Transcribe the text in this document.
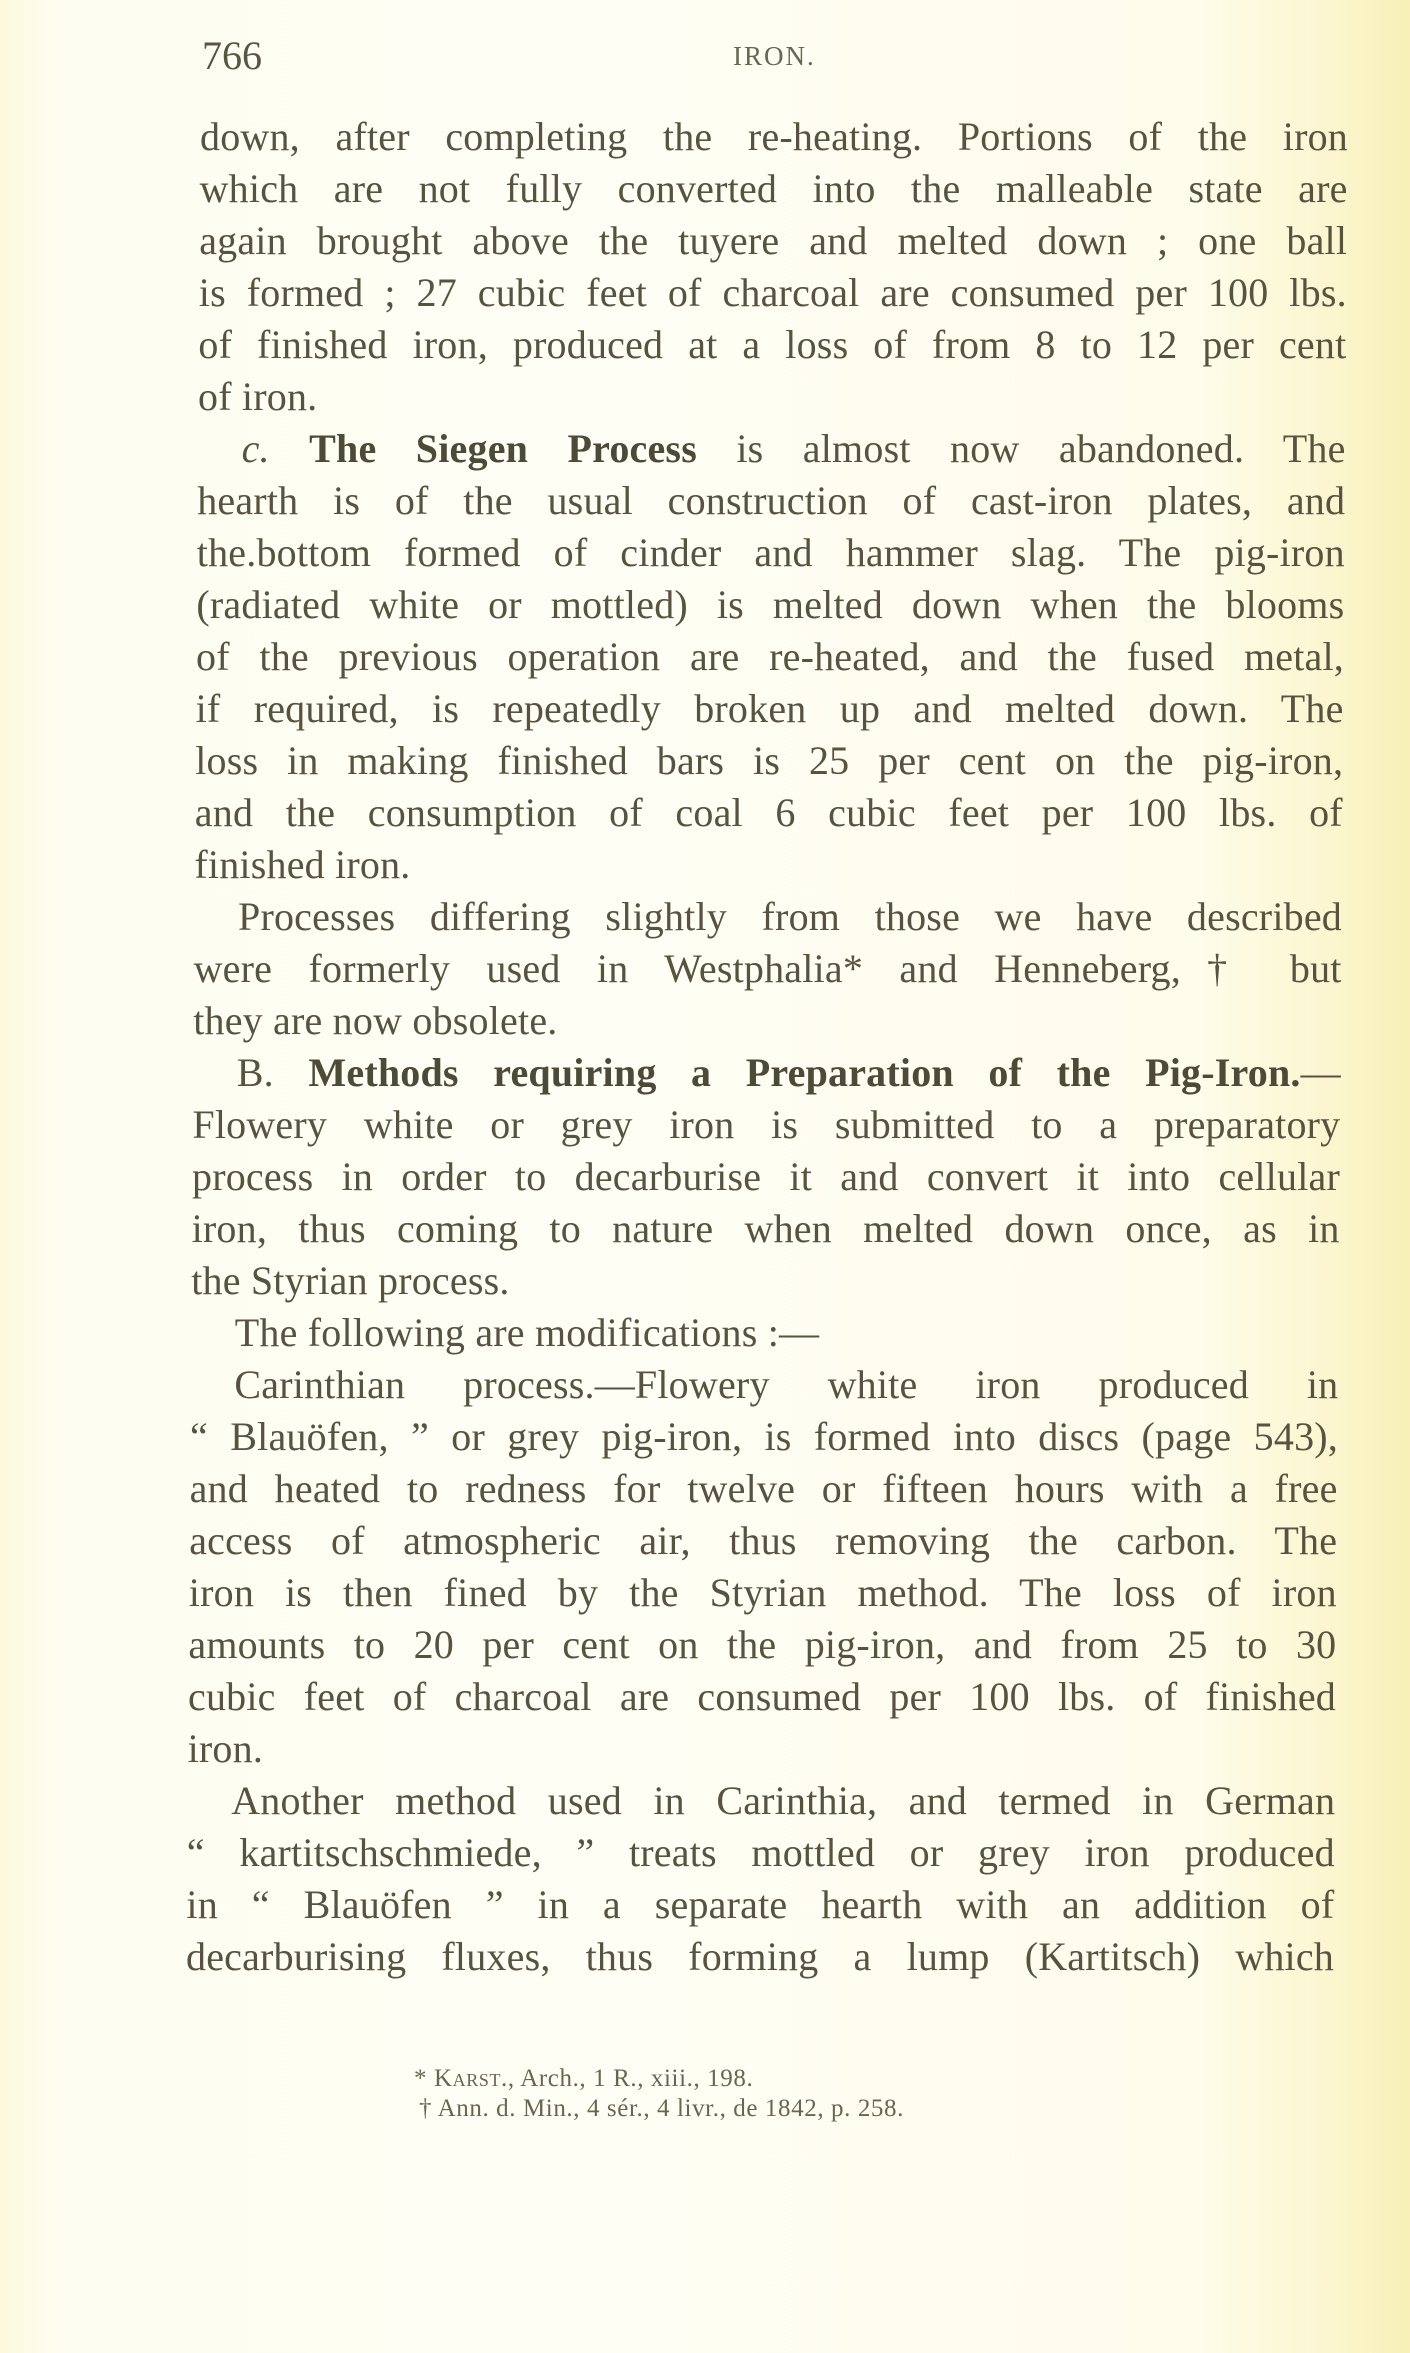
766	IRON.
down, after completing the re-heating. Portions of the iron
which are not fully converted into the malleable state are
again brought above the tuyere and melted down ; one ball
is formed ; 27 cubic feet of charcoal are consumed per 100 lbs.
of finished iron, produced at a loss of from 8 to 12 per cent
of iron.
c. The Siegen Process is almost now abandoned. The
hearth is of the usual construction of cast-iron plates, and
the.bottom formed of cinder and hammer slag. The pig-iron
(radiated white or mottled) is melted down when the blooms
of the previous operation are re-heated, and the fused metal,
if required, is repeatedly broken up and melted down. The
loss in making finished bars is 25 per cent on the pig-iron,
and the consumption of coal 6 cubic feet per 100 lbs. of
finished iron.
Processes differing slightly from those we have described
were formerly used in Westphalia* and Henneberg,† but
they are now obsolete.
B. Methods requiring a Preparation of the Pig-Iron.—
Flowery white or grey iron is submitted to a preparatory
process in order to decarburise it and convert it into cellular
iron, thus coming to nature when melted down once, as in
the Styrian process.
The following are modifications :—
Carinthian process.—Flowery white iron produced in
“ Blauöfen, ” or grey pig-iron, is formed into discs (page 543),
and heated to redness for twelve or fifteen hours with a free
access of atmospheric air, thus removing the carbon. The
iron is then fined by the Styrian method. The loss of iron
amounts to 20 per cent on the pig-iron, and from 25 to 30
cubic feet of charcoal are consumed per 100 lbs. of finished
iron.
Another method used in Carinthia, and termed in German
“ kartitschschmiede, ” treats mottled or grey iron produced
in “ Blauöfen ” in a separate hearth with an addition of
decarburising fluxes, thus forming a lump (Kartitsch) which
* Karst., Arch., 1 R., xiii., 198.
† Ann. d. Min., 4 sér., 4 livr., de 1842, p. 258.
